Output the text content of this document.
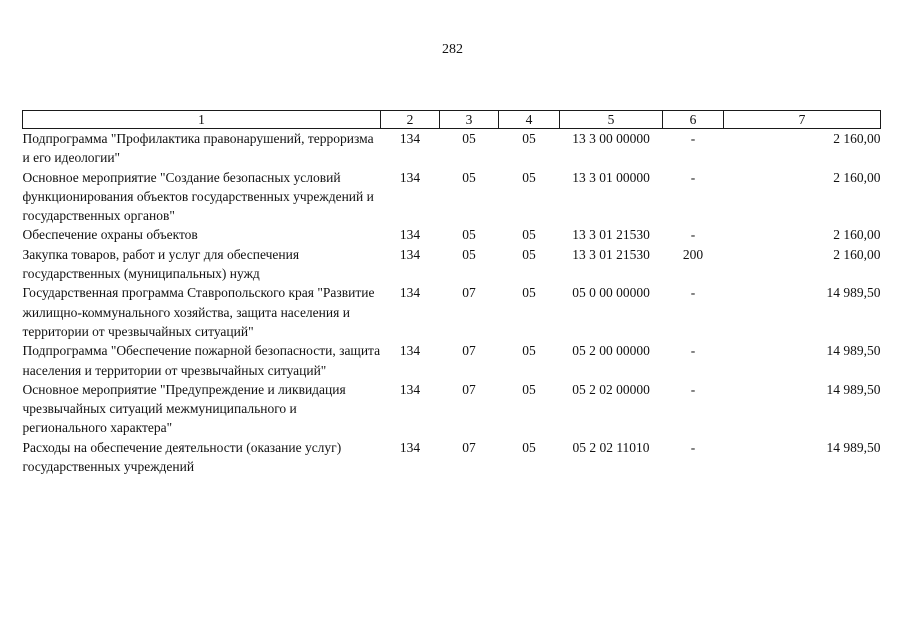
282
1	2	3	4	5	6	7
Подпрограмма "Профилактика правонарушений, терроризма и его идеологии"	134	05	05	13 3 00 00000	-	2 160,00
Основное мероприятие "Создание безопасных условий функционирования объектов государственных учреждений и государственных органов"	134	05	05	13 3 01 00000	-	2 160,00
Обеспечение охраны объектов	134	05	05	13 3 01 21530	-	2 160,00
Закупка товаров, работ и услуг для обеспечения государственных (муниципальных) нужд	134	05	05	13 3 01 21530	200	2 160,00
Государственная программа Ставропольского края "Развитие жилищно-коммунального хозяйства, защита населения и территории от чрезвычайных ситуаций"	134	07	05	05 0 00 00000	-	14 989,50
Подпрограмма "Обеспечение пожарной безопасности, защита населения и территории от чрезвычайных ситуаций"	134	07	05	05 2 00 00000	-	14 989,50
Основное мероприятие "Предупреждение и ликвидация чрезвычайных ситуаций межмуниципального и регионального характера"	134	07	05	05 2 02 00000	-	14 989,50
Расходы на обеспечение деятельности (оказание услуг) государственных учреждений	134	07	05	05 2 02 11010	-	14 989,50
